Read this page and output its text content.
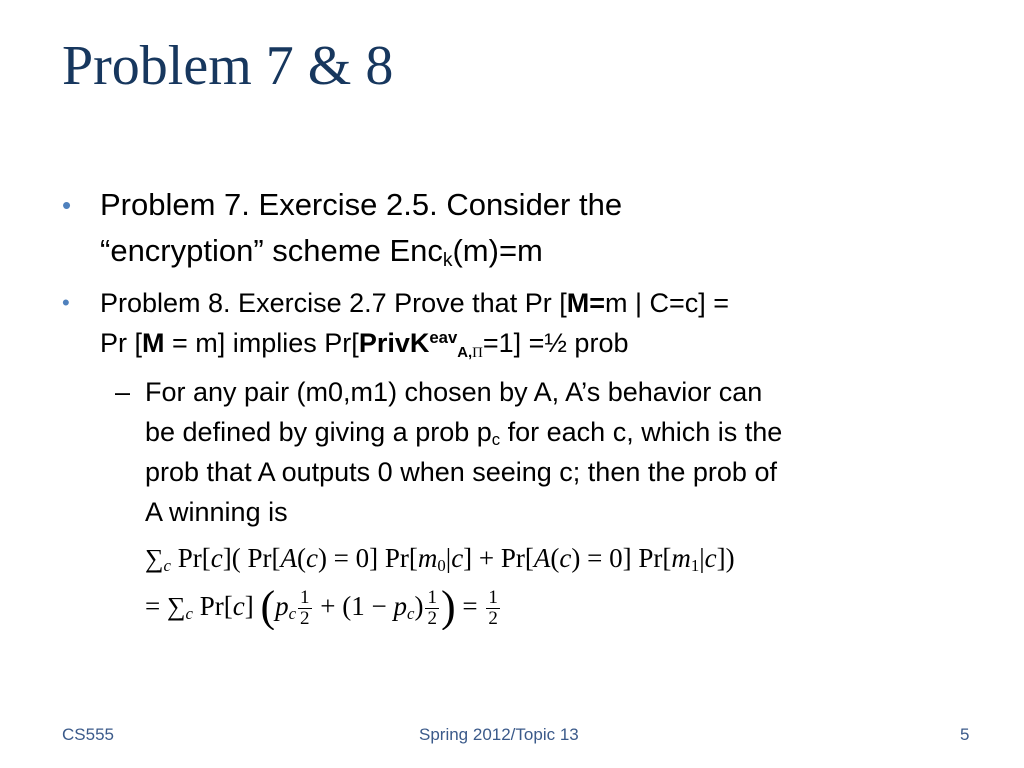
Problem 7 & 8
• Problem 7. Exercise 2.5. Consider the
“encryption” scheme Enc$_k$(m)=m
• Problem 8. Exercise 2.7 Prove that Pr [M=m | C=c] =
Pr [M = m] implies Pr[PrivK$^{eav}$A,Π=1] =½ prob
– For any pair (m0,m1) chosen by A, A’s behavior can
be defined by giving a prob $p_c$ for each c, which is the
prob that A outputs 0 when seeing c; then the prob of
A winning is
$\sum_c$ Pr[c]( Pr[A(c) = 0] $Pr[m_0|c] + Pr[A(c) = 0]$ $Pr[m_1|c]$)
= $\sum_c$ Pr[c] ($p_c \frac{1}{2} + (1 - p_c) \frac{1}{2}$ ) = $\frac{1}{2}$
CS555	Spring 2012/Topic 13	5
